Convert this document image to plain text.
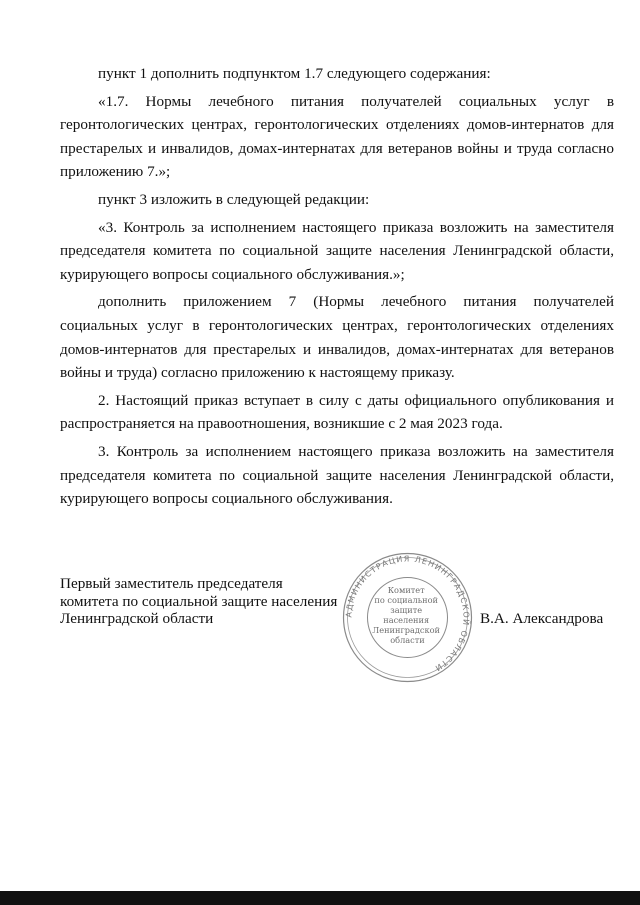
пункт 1 дополнить подпунктом 1.7 следующего содержания:

«1.7. Нормы лечебного питания получателей социальных услуг в геронтологических центрах, геронтологических отделениях домов-интернатов для престарелых и инвалидов, домах-интернатах для ветеранов войны и труда согласно приложению 7.»;

пункт 3 изложить в следующей редакции:

«3. Контроль за исполнением настоящего приказа возложить на заместителя председателя комитета по социальной защите населения Ленинградской области, курирующего вопросы социального обслуживания.»;

дополнить приложением 7 (Нормы лечебного питания получателей социальных услуг в геронтологических центрах, геронтологических отделениях домов-интернатов для престарелых и инвалидов, домах-интернатах для ветеранов войны и труда) согласно приложению к настоящему приказу.

2. Настоящий приказ вступает в силу с даты официального опубликования и распространяется на правоотношения, возникшие с 2 мая 2023 года.

3. Контроль за исполнением настоящего приказа возложить на заместителя председателя комитета по социальной защите населения Ленинградской области, курирующего вопросы социального обслуживания.

Первый заместитель председателя
комитета по социальной защите населения
Ленинградской области	АДМИНИСТРАЦИЯ ЛЕНИНГРАДСКОЙ ОБЛАСТИ
Комитет по социальной защите населения Ленинградской области
В.А. Александрова
